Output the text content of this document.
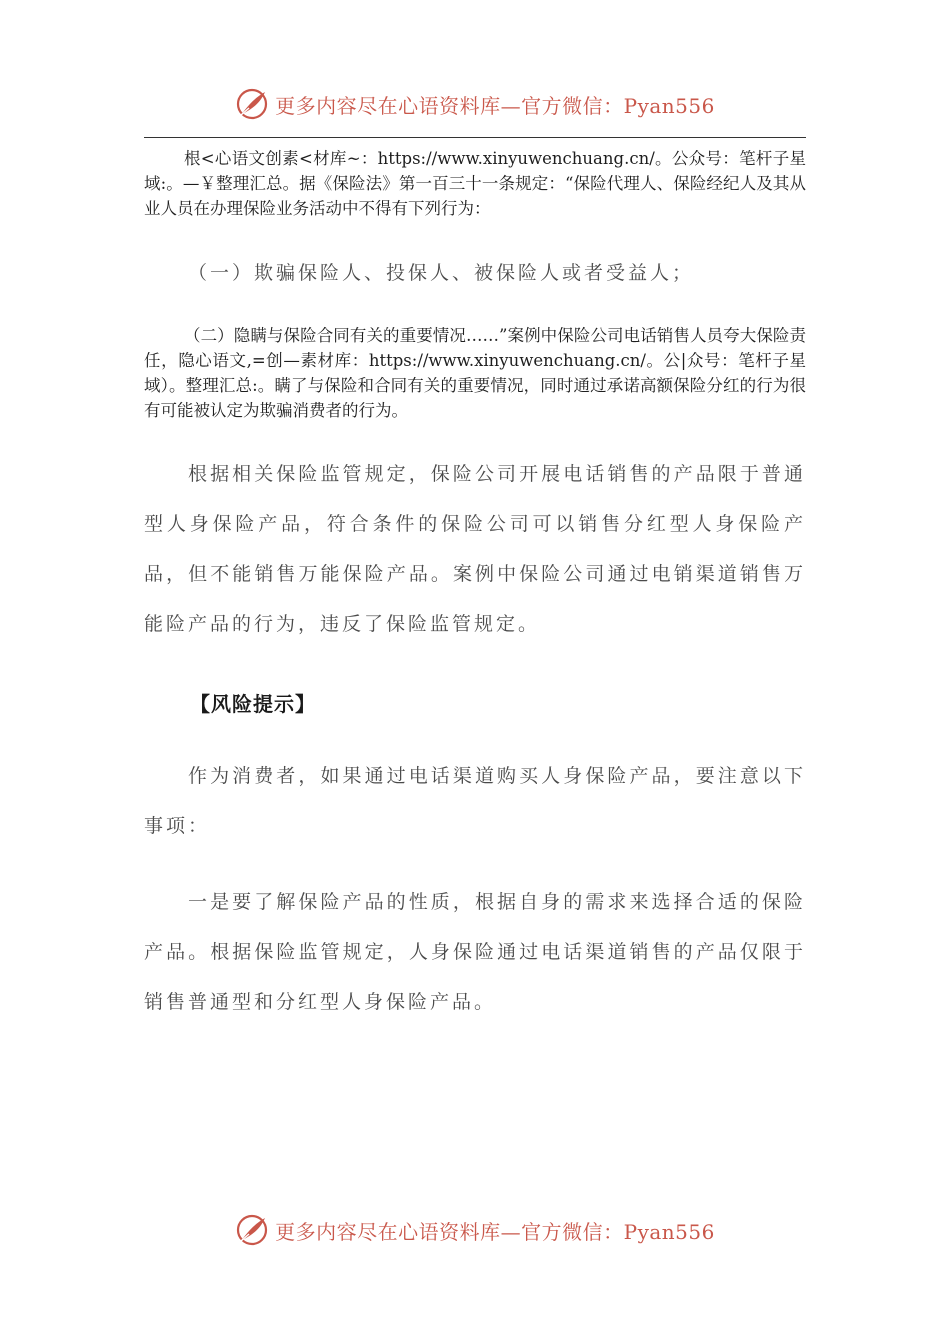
更多内容尽在心语资料库—官方微信：Pyan556

根<心语文创素<材库~：https://www.xinyuwenchuang.cn/。公众号：笔杆子星域:。—￥整理汇总。据《保险法》第一百三十一条规定：“保险代理人、保险经纪人及其从业人员在办理保险业务活动中不得有下列行为：

（一）欺骗保险人、投保人、被保险人或者受益人；

（二）隐瞒与保险合同有关的重要情况……”案例中保险公司电话销售人员夸大保险责任，隐心语文,=创—素材库：https://www.xinyuwenchuang.cn/。公|众号：笔杆子星域）。整理汇总:。瞒了与保险和合同有关的重要情况，同时通过承诺高额保险分红的行为很有可能被认定为欺骗消费者的行为。

根据相关保险监管规定，保险公司开展电话销售的产品限于普通型人身保险产品，符合条件的保险公司可以销售分红型人身保险产品，但不能销售万能保险产品。案例中保险公司通过电销渠道销售万能险产品的行为，违反了保险监管规定。

【风险提示】

作为消费者，如果通过电话渠道购买人身保险产品，要注意以下事项：

一是要了解保险产品的性质，根据自身的需求来选择合适的保险产品。根据保险监管规定，人身保险通过电话渠道销售的产品仅限于销售普通型和分红型人身保险产品。

更多内容尽在心语资料库—官方微信：Pyan556
